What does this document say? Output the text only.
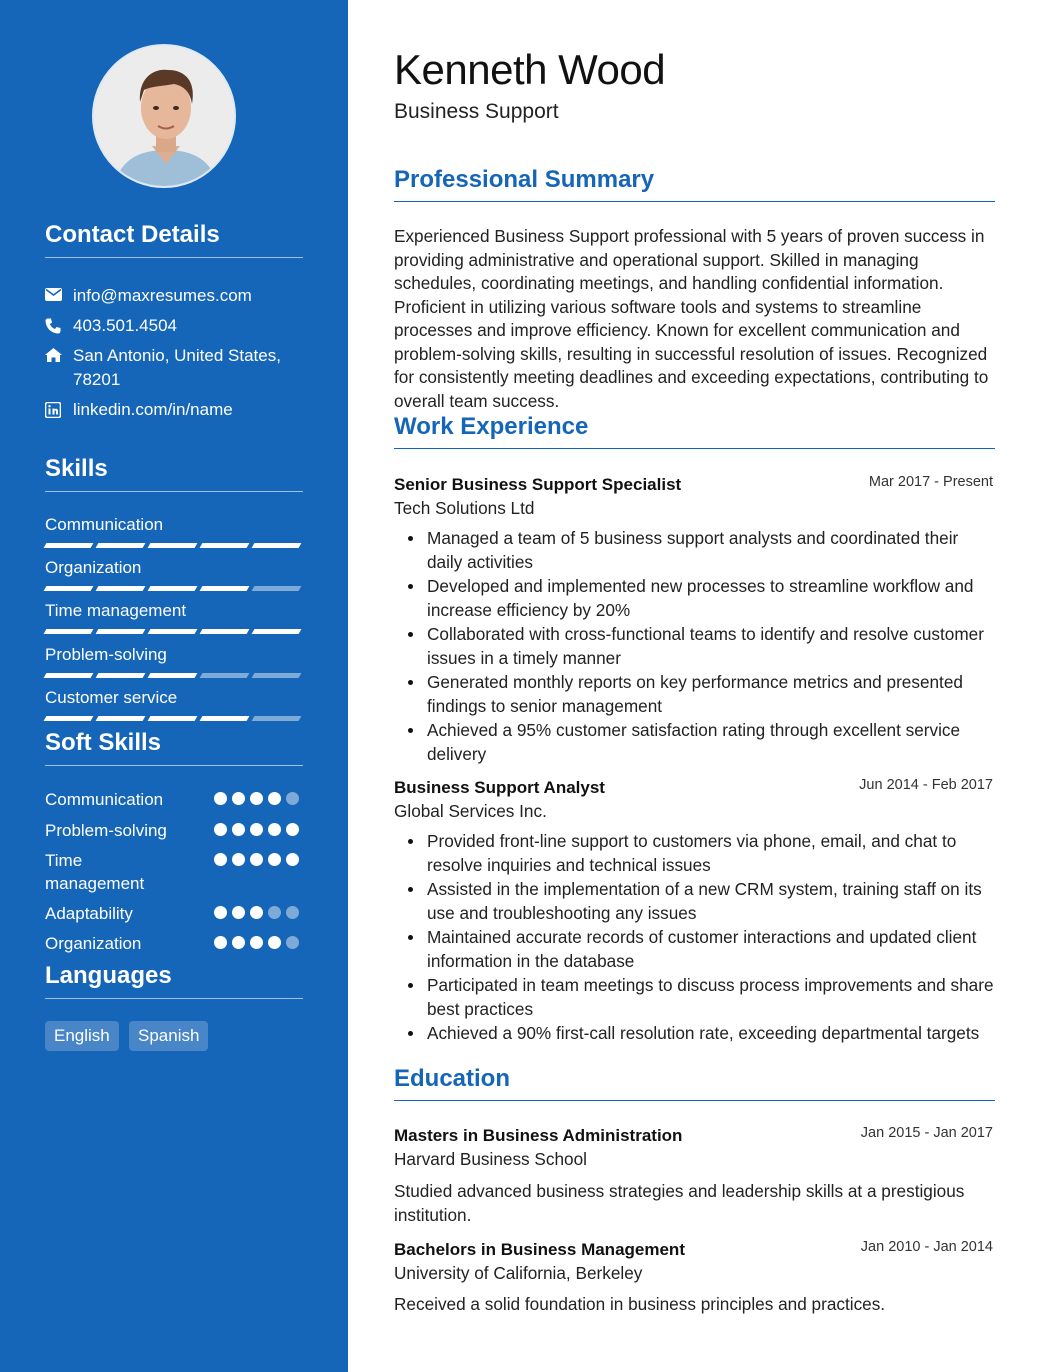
Contact Details
info@maxresumes.com
403.501.4504
San Antonio, United States,
78201
linkedin.com/in/name
Skills
Communication
Organization
Time management
Problem-solving
Customer service
Soft Skills
Communication
Problem-solving
Time management
Adaptability
Organization
Languages
English	Spanish
Kenneth Wood
Business Support
Professional Summary

Experienced Business Support professional with 5 years of proven success in providing administrative and operational support. Skilled in managing schedules, coordinating meetings, and handling confidential information. Proficient in utilizing various software tools and systems to streamline processes and improve efficiency. Known for excellent communication and problem-solving skills, resulting in successful resolution of issues. Recognized for consistently meeting deadlines and exceeding expectations, contributing to overall team success.

Work Experience
Senior Business Support Specialist	Mar 2017 - Present
Tech Solutions Ltd
Managed a team of 5 business support analysts and coordinated their daily activities
Developed and implemented new processes to streamline workflow and increase efficiency by 20%
Collaborated with cross-functional teams to identify and resolve customer issues in a timely manner
Generated monthly reports on key performance metrics and presented findings to senior management
Achieved a 95% customer satisfaction rating through excellent service delivery
Business Support Analyst	Jun 2014 - Feb 2017
Global Services Inc.
Provided front-line support to customers via phone, email, and chat to resolve inquiries and technical issues
Assisted in the implementation of a new CRM system, training staff on its use and troubleshooting any issues
Maintained accurate records of customer interactions and updated client information in the database
Participated in team meetings to discuss process improvements and share best practices
Achieved a 90% first-call resolution rate, exceeding departmental targets
Education
Masters in Business Administration	Jan 2015 - Jan 2017
Harvard Business School

Studied advanced business strategies and leadership skills at a prestigious institution.

Bachelors in Business Management	Jan 2010 - Jan 2014
University of California, Berkeley

Received a solid foundation in business principles and practices.
